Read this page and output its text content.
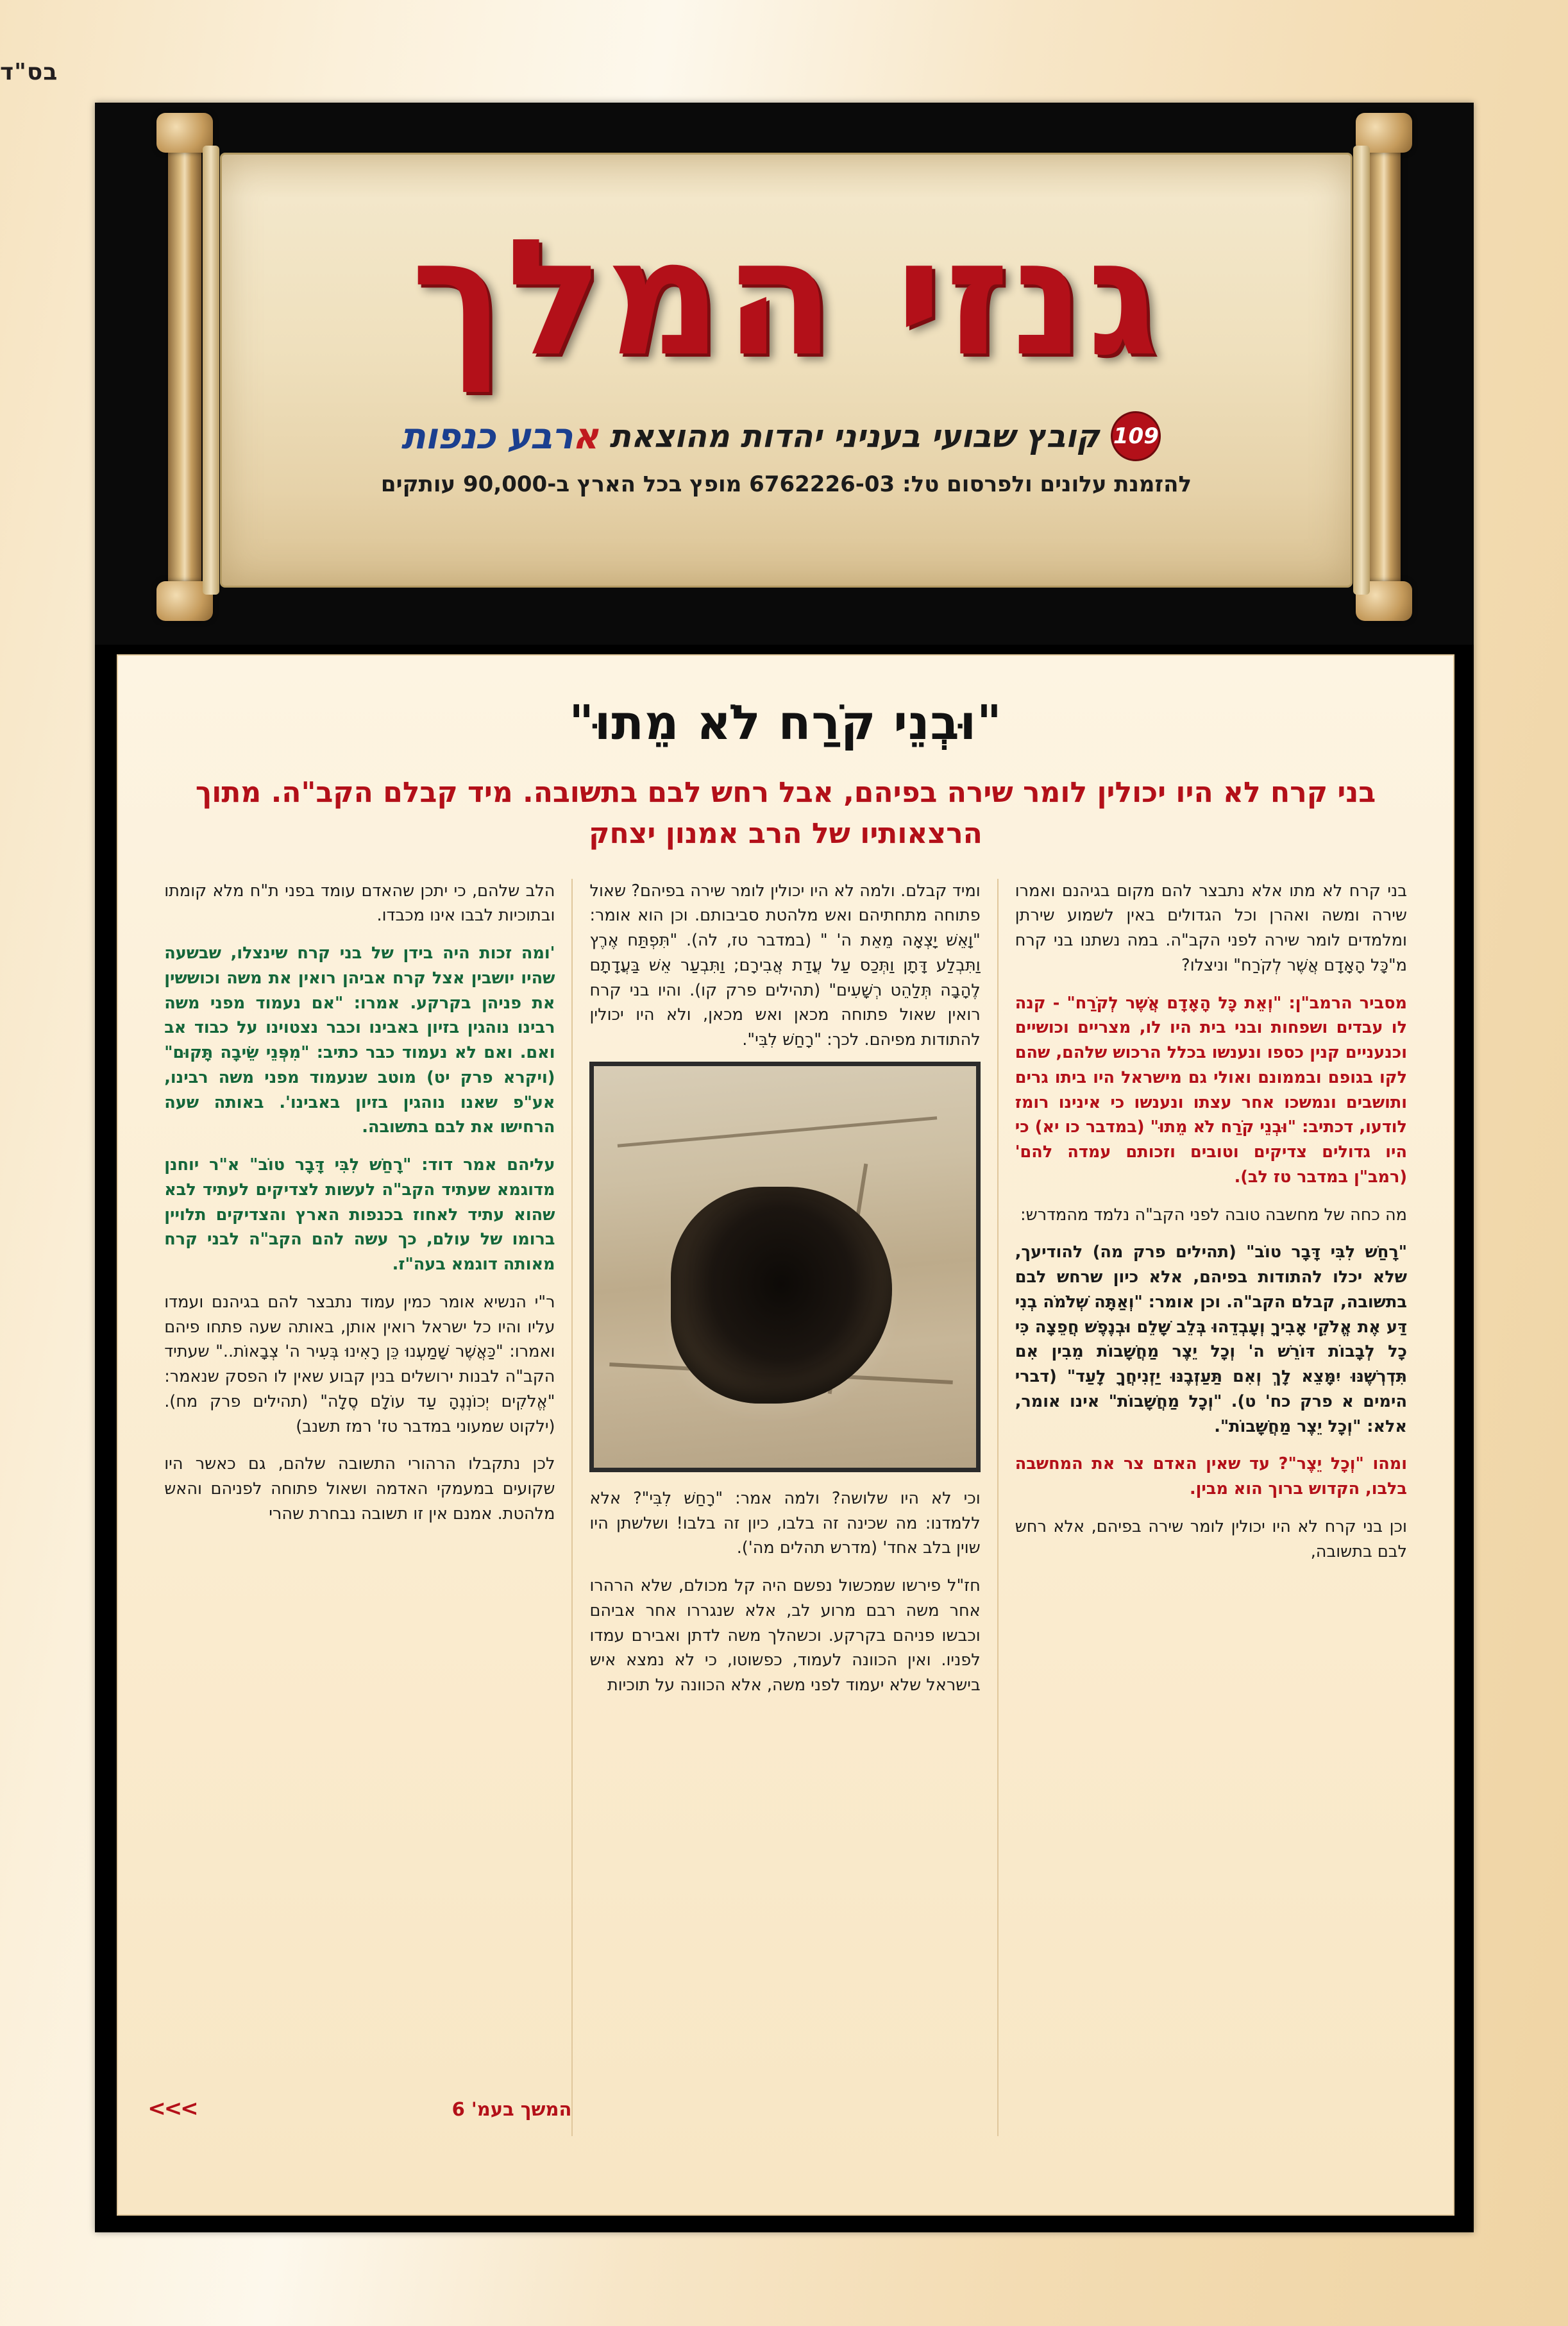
בס"ד
גנזי המלך
109
קובץ שבועי בעניני יהדות מהוצאת
ארבע כנפות
להזמנת עלונים ולפרסום טל: 6762226-03 מופץ בכל הארץ ב-90,000 עותקים
"וּבְנֵי קֹרַח לֹא מֵתוּ"
בני קרח לא היו יכולין לומר שירה בפיהם, אבל רחש לבם בתשובה. מיד קבלם הקב"ה. מתוך הרצאותיו של הרב אמנון יצחק

בני קרח לא מתו אלא נתבצר להם מקום בגיהנם ואמרו שירה ומשה ואהרן וכל הגדולים באין לשמוע שירתן ומלמדים לומר שירה לפני הקב"ה. במה נשתנו בני קרח מ"כָּל הָאָדָם אֲשֶׁר לְקֹרַח" וניצלו?

מסביר הרמב"ן: "וְאֵת כָּל הָאָדָם אֲשֶׁר לְקֹרַח" - קנה לו עבדים ושפחות ובני בית היו לו, מצריים וכושיים וכנעניים קנין כספו ונענשו בכלל הרכוש שלהם, שהם לקו בגופם ובממונם ואולי גם מישראל היו ביתו גרים ותושבים ונמשכו אחר עצתו ונענשו כי אינינו רומז לודעו, דכתיב: "וּבְנֵי קֹרַח לֹא מֵתוּ" (במדבר כו יא) כי היו גדולים צדיקים וטובים וזכותם עמדה להם' (רמב"ן במדבר טז לב).

מה כחה של מחשבה טובה לפני הקב"ה נלמד מהמדרש:

"רָחַשׁ לִבִּי דָּבָר טוֹב" (תהילים פרק מה) להודיעך, שלא יכלו להתודות בפיהם, אלא כיון שרחש לבם בתשובה, קבלם הקב"ה. וכן אומר: "וְאַתָּה שְׁלֹמֹה בְנִי דַּע אֶת אֱלֹקֵי אָבִיךָ וְעָבְדֵהוּ בְּלֵב שָׁלֵם וּבְנֶפֶשׁ חֲפֵצָה כִּי כָל לְבָבוֹת דּוֹרֵשׁ ה' וְכָל יֵצֶר מַחֲשָׁבוֹת מֵבִין אִם תִּדְרְשֶׁנּוּ יִמָּצֵא לָךְ וְאִם תַּעַזְבֶנּוּ יַזְנִיחֲךָ לָעַד" (דברי הימים א פרק כח' ט). "וְכָל מַחֲשָׁבוֹת" אינו אומר, אלא: "וְכָל יֵצֶר מַחֲשָׁבוֹת".

ומהו "וְכָל יֵצֶר"? עד שאין האדם צר את המחשבה בלבו, הקדוש ברוך הוא מבין.

וכן בני קרח לא היו יכולין לומר שירה בפיהם, אלא רחש לבם בתשובה,

ומיד קבלם. ולמה לא היו יכולין לומר שירה בפיהם? שאול פתוחה מתחתיהם ואש מלהטת סביבותם. וכן הוא אומר: "וָאֵשׁ יָצְאָה מֵאֵת ה' " (במדבר טז, לה). "תִּפְתַּח אֶרֶץ וַתִּבְלַע דָּתָן וַתְּכַס עַל עֲדַת אֲבִירָם; וַתִּבְעַר אֵשׁ בַּעֲדָתָם לֶהָבָה תְּלַהֵט רְשָׁעִים" (תהילים פרק קו). והיו בני קרח רואין שאול פתוחה מכאן ואש מכאן, ולא היו יכולין להתודות מפיהם. לכך: "רָחַשׁ לִבִּי".

וכי לא היו שלושה? ולמה אמר: "רָחַשׁ לִבִּי"? אלא ללמדנו: מה שכינה זה בלבו, כיון זה בלבו! ושלשתן היו שוין בלב אחד' (מדרש תהלים מה').

חז"ל פירשו שמכשול נפשם היה קל מכולם, שלא הרהרו אחר משה רבם מרוע לב, אלא שנגררו אחר אביהם וכבשו פניהם בקרקע. וכשהלך משה לדתן ואבירם עמדו לפניו. ואין הכוונה לעמוד, כפשוטו, כי לא נמצא איש בישראל שלא יעמוד לפני משה, אלא הכוונה על תוכיות

הלב שלהם, כי יתכן שהאדם עומד בפני ת"ח מלא קומתו ובתוכיות לבבו אינו מכבדו.

'ומה זכות היה בידן של בני קרח שינצלו, שבשעה שהיו יושבין אצל קרח אביהן רואין את משה וכוששין את פניהן בקרקע. אמרו: "אם נעמוד מפני משה רבינו נוהגין בזיון באבינו וכבר נצטוינו על כבוד אב ואם. ואם לא נעמוד כבר כתיב: "מִפְּנֵי שֵׂיבָה תָּקוּם" (ויקרא פרק יט) מוטב שנעמוד מפני משה רבינו, אע"פ שאנו נוהגין בזיון באבינו'. באותה שעה הרחישו את לבם בתשובה.

עליהם אמר דוד: "רָחַשׁ לִבִּי דָּבָר טוֹב" א"ר יוחנן מדוגמא שעתיד הקב"ה לעשות לצדיקים לעתיד לבא שהוא עתיד לאחוז בכנפות הארץ והצדיקים תלויין ברומו של עולם, כך עשה להם הקב"ה לבני קרח מאותה דוגמא בעה"ז.

ר"י הנשיא אומר כמין עמוד נתבצר להם בגיהנם ועמדו עליו והיו כל ישראל רואין אותן, באותה שעה פתחו פיהם ואמרו: "כַּאֲשֶׁר שָׁמַעְנוּ כֵּן רָאִינוּ בְּעִיר ה' צְבָאוֹת.." שעתיד הקב"ה לבנות ירושלים בנין קבוע שאין לו הפסק שנאמר: "אֱלֹקִים יְכוֹנְנֶהָ עַד עוֹלָם סֶלָה" (תהילים פרק מח). (ילקוט שמעוני במדבר טז' רמז תשנב)

לכן נתקבלו הרהורי התשובה שלהם, גם כאשר היו שקועים במעמקי האדמה ושאול פתוחה לפניהם והאש מלהטת. אמנם אין זו תשובה נבחרת שהרי

המשך בעמ' 6
<<<
